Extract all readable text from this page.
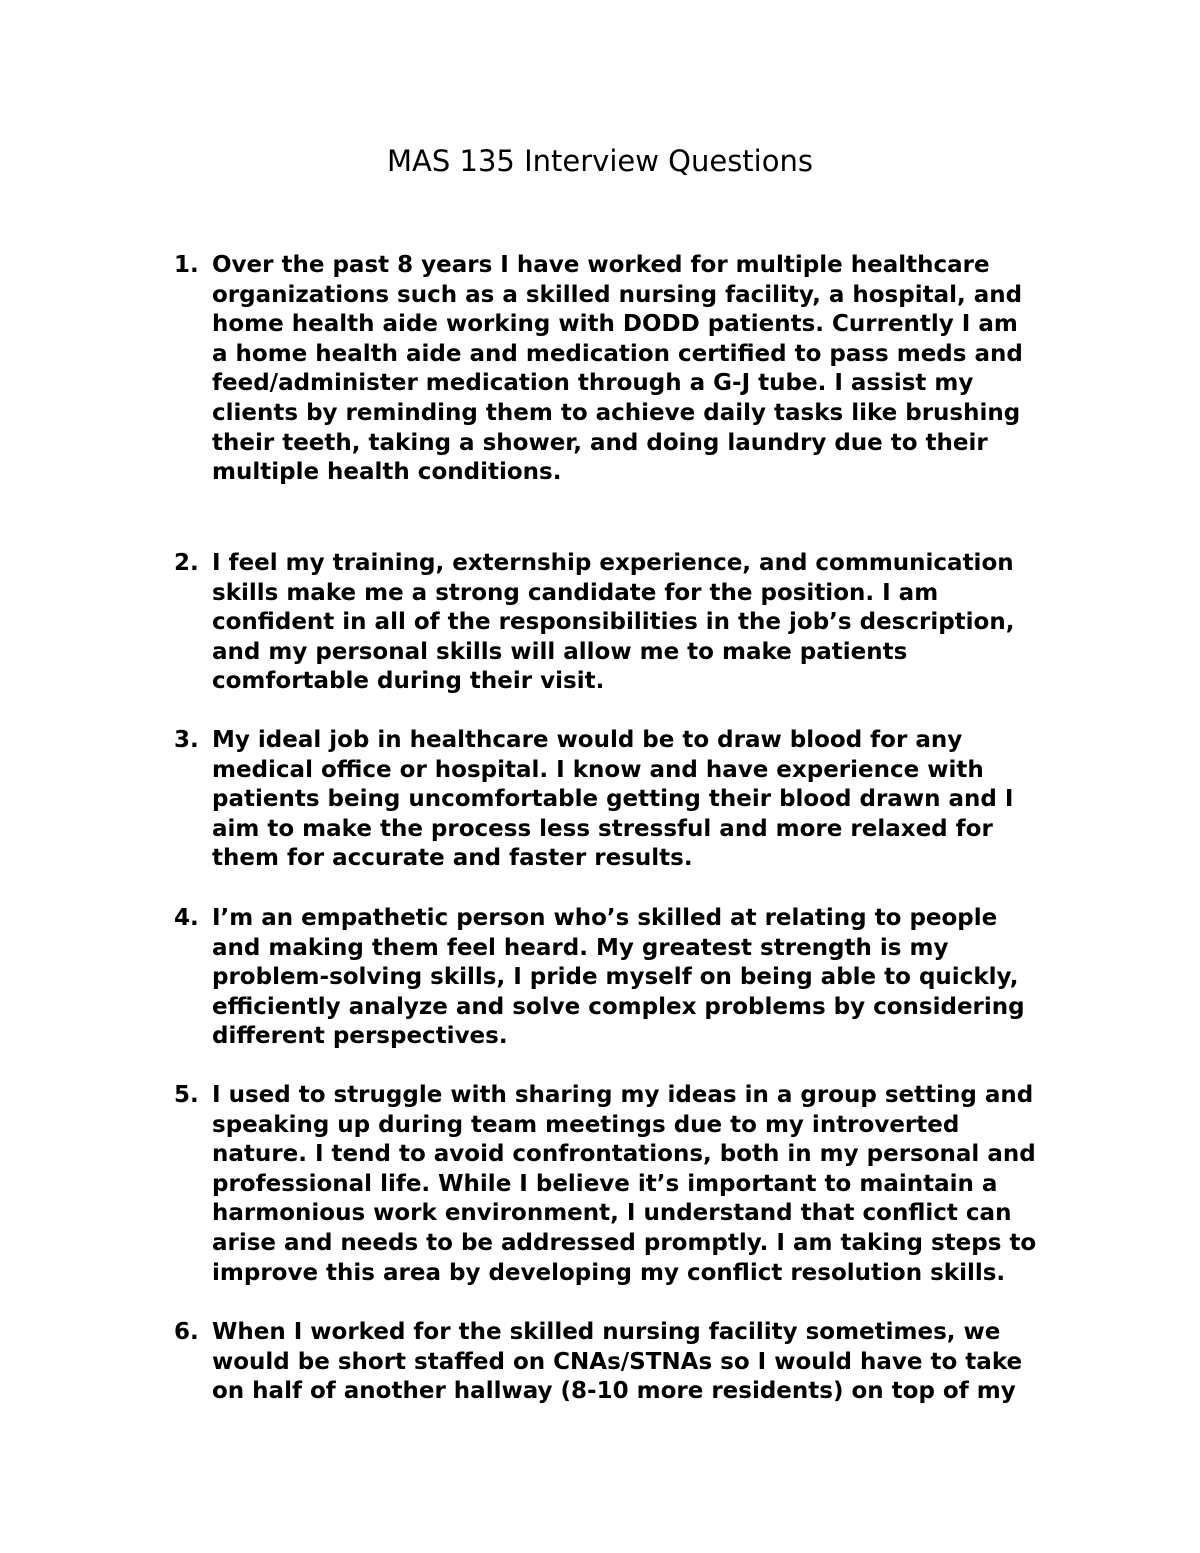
MAS 135 Interview Questions
1. Over the past 8 years I have worked for multiple healthcare
organizations such as a skilled nursing facility, a hospital, and
home health aide working with DODD patients. Currently I am
a home health aide and medication certified to pass meds and
feed/administer medication through a G-J tube. I assist my
clients by reminding them to achieve daily tasks like brushing
their teeth, taking a shower, and doing laundry due to their
multiple health conditions.
2. I feel my training, externship experience, and communication
skills make me a strong candidate for the position. I am
confident in all of the responsibilities in the job’s description,
and my personal skills will allow me to make patients
comfortable during their visit.
3. My ideal job in healthcare would be to draw blood for any
medical office or hospital. I know and have experience with
patients being uncomfortable getting their blood drawn and I
aim to make the process less stressful and more relaxed for
them for accurate and faster results.
4. I’m an empathetic person who’s skilled at relating to people
and making them feel heard. My greatest strength is my
problem-solving skills, I pride myself on being able to quickly,
efficiently analyze and solve complex problems by considering
different perspectives.
5. I used to struggle with sharing my ideas in a group setting and
speaking up during team meetings due to my introverted
nature. I tend to avoid confrontations, both in my personal and
professional life. While I believe it’s important to maintain a
harmonious work environment, I understand that conflict can
arise and needs to be addressed promptly. I am taking steps to
improve this area by developing my conflict resolution skills.
6. When I worked for the skilled nursing facility sometimes, we
would be short staffed on CNAs/STNAs so I would have to take
on half of another hallway (8-10 more residents) on top of my
